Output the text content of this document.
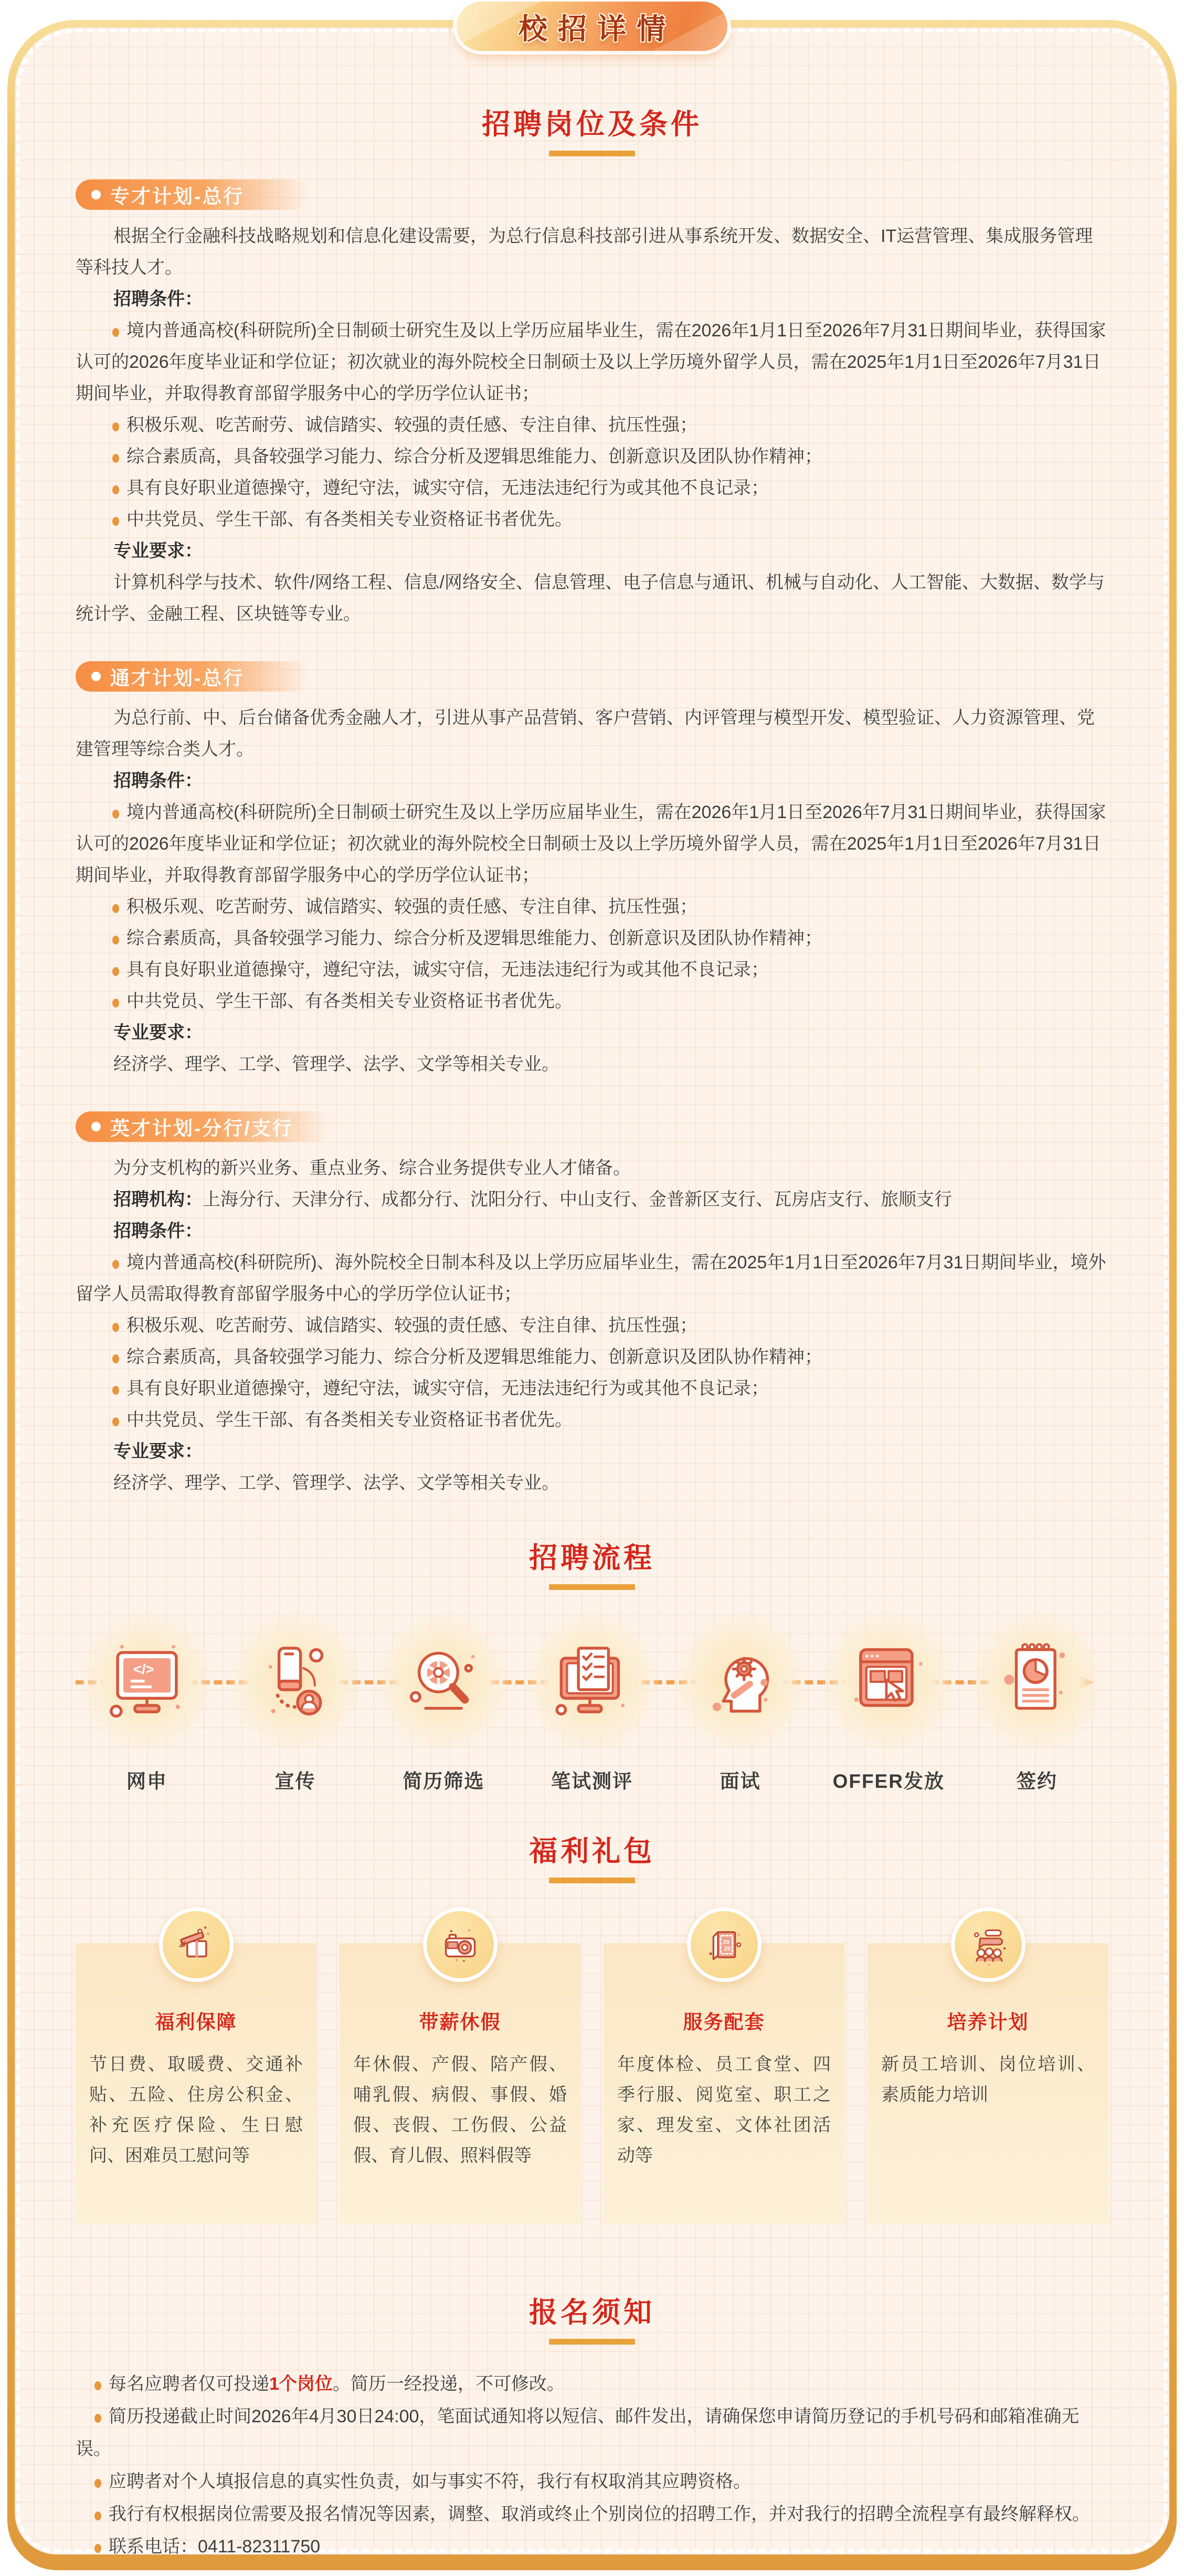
招聘岗位及条件
专才计划-总行

根据全行金融科技战略规划和信息化建设需要，为总行信息科技部引进从事系统开发、数据安全、IT运营管理、集成服务管理等科技人才。

招聘条件：

境内普通高校(科研院所)全日制硕士研究生及以上学历应届毕业生，需在2026年1月1日至2026年7月31日期间毕业，获得国家认可的2026年度毕业证和学位证；初次就业的海外院校全日制硕士及以上学历境外留学人员，需在2025年1月1日至2026年7月31日期间毕业，并取得教育部留学服务中心的学历学位认证书；

积极乐观、吃苦耐劳、诚信踏实、较强的责任感、专注自律、抗压性强；

综合素质高，具备较强学习能力、综合分析及逻辑思维能力、创新意识及团队协作精神；

具有良好职业道德操守，遵纪守法，诚实守信，无违法违纪行为或其他不良记录；

中共党员、学生干部、有各类相关专业资格证书者优先。

专业要求：

计算机科学与技术、软件/网络工程、信息/网络安全、信息管理、电子信息与通讯、机械与自动化、人工智能、大数据、数学与统计学、金融工程、区块链等专业。

通才计划-总行

为总行前、中、后台储备优秀金融人才，引进从事产品营销、客户营销、内评管理与模型开发、模型验证、人力资源管理、党建管理等综合类人才。

招聘条件：

境内普通高校(科研院所)全日制硕士研究生及以上学历应届毕业生，需在2026年1月1日至2026年7月31日期间毕业，获得国家认可的2026年度毕业证和学位证；初次就业的海外院校全日制硕士及以上学历境外留学人员，需在2025年1月1日至2026年7月31日期间毕业，并取得教育部留学服务中心的学历学位认证书；

积极乐观、吃苦耐劳、诚信踏实、较强的责任感、专注自律、抗压性强；

综合素质高，具备较强学习能力、综合分析及逻辑思维能力、创新意识及团队协作精神；

具有良好职业道德操守，遵纪守法，诚实守信，无违法违纪行为或其他不良记录；

中共党员、学生干部、有各类相关专业资格证书者优先。

专业要求：

经济学、理学、工学、管理学、法学、文学等相关专业。

英才计划-分行/支行

为分支机构的新兴业务、重点业务、综合业务提供专业人才储备。

招聘机构：上海分行、天津分行、成都分行、沈阳分行、中山支行、金普新区支行、瓦房店支行、旅顺支行

招聘条件：

境内普通高校(科研院所)、海外院校全日制本科及以上学历应届毕业生，需在2025年1月1日至2026年7月31日期间毕业，境外留学人员需取得教育部留学服务中心的学历学位认证书；

积极乐观、吃苦耐劳、诚信踏实、较强的责任感、专注自律、抗压性强；

综合素质高，具备较强学习能力、综合分析及逻辑思维能力、创新意识及团队协作精神；

具有良好职业道德操守，遵纪守法，诚实守信，无违法违纪行为或其他不良记录；

中共党员、学生干部、有各类相关专业资格证书者优先。

专业要求：

经济学、理学、工学、管理学、法学、文学等相关专业。

招聘流程
</>
网申	宣传	简历筛选	笔试测评	面试	OFFER发放	签约
福利礼包
福利保障
节日费、取暖费、交通补贴、五险、住房公积金、补充医疗保险、生日慰问、困难员工慰问等
带薪休假
年休假、产假、陪产假、哺乳假、病假、事假、婚假、丧假、工伤假、公益假、育儿假、照料假等
20
20
服务配套
年度体检、员工食堂、四季行服、阅览室、职工之家、理发室、文体社团活动等
培养计划
新员工培训、岗位培训、素质能力培训
报名须知

每名应聘者仅可投递1个岗位。简历一经投递，不可修改。

简历投递截止时间2026年4月30日24:00，笔面试通知将以短信、邮件发出，请确保您申请简历登记的手机号码和邮箱准确无误。

应聘者对个人填报信息的真实性负责，如与事实不符，我行有权取消其应聘资格。

我行有权根据岗位需要及报名情况等因素，调整、取消或终止个别岗位的招聘工作，并对我行的招聘全流程享有最终解释权。

联系电话：0411-82311750

校招详情
